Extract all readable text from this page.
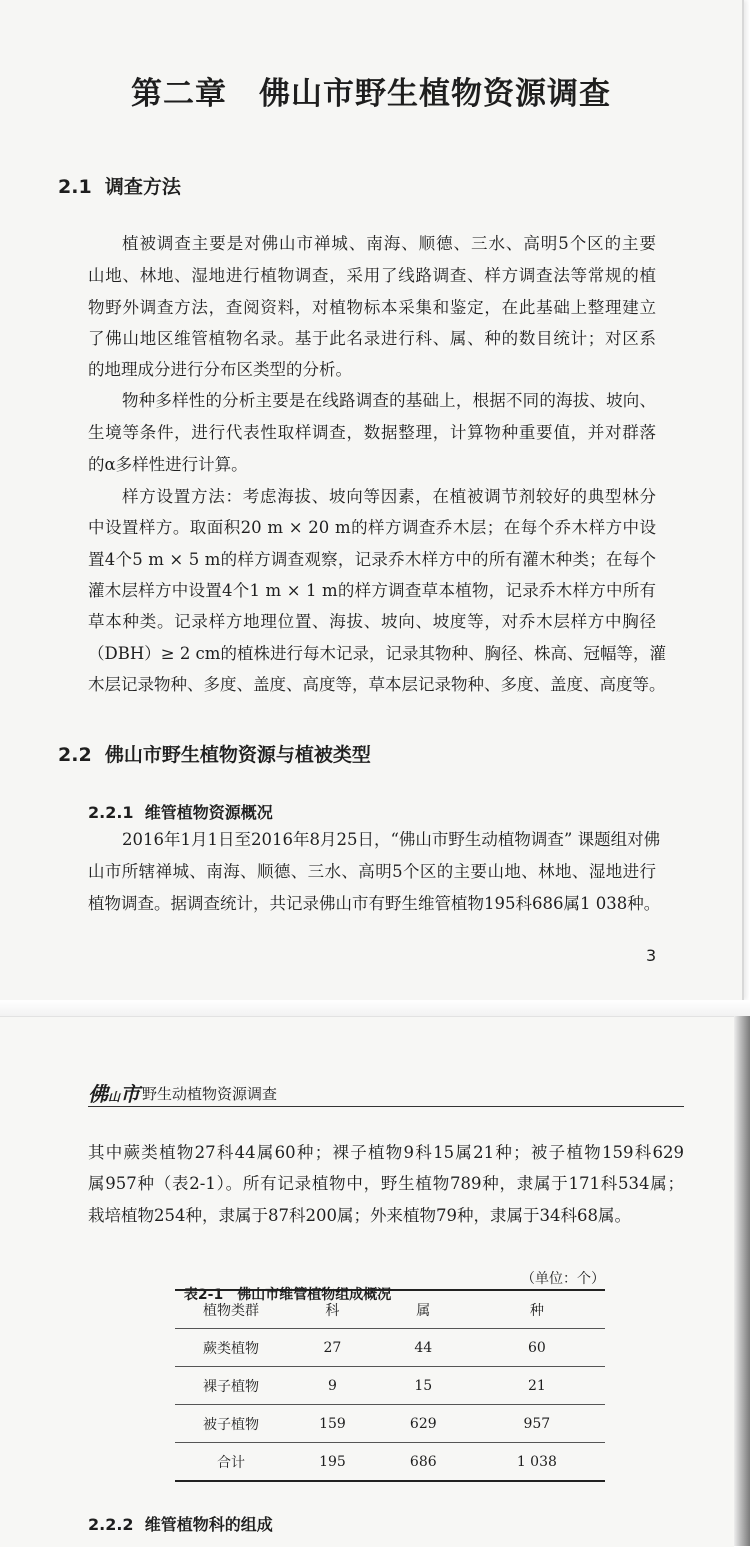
第二章　佛山市野生植物资源调查
2.1  调查方法
植被调查主要是对佛山市禅城、南海、顺德、三水、高明5个区的主要
山地、林地、湿地进行植物调查，采用了线路调查、样方调查法等常规的植
物野外调查方法，查阅资料，对植物标本采集和鉴定，在此基础上整理建立
了佛山地区维管植物名录。基于此名录进行科、属、种的数目统计；对区系
的地理成分进行分布区类型的分析。
物种多样性的分析主要是在线路调查的基础上，根据不同的海拔、坡向、
生境等条件，进行代表性取样调查，数据整理，计算物种重要值，并对群落
的α多样性进行计算。
样方设置方法：考虑海拔、坡向等因素，在植被调节剂较好的典型林分
中设置样方。取面积20 m × 20 m的样方调查乔木层；在每个乔木样方中设
置4个5 m × 5 m的样方调查观察，记录乔木样方中的所有灌木种类；在每个
灌木层样方中设置4个1 m × 1 m的样方调查草本植物，记录乔木样方中所有
草本种类。记录样方地理位置、海拔、坡向、坡度等，对乔木层样方中胸径
（DBH）≥ 2 cm的植株进行每木记录，记录其物种、胸径、株高、冠幅等，灌
木层记录物种、多度、盖度、高度等，草本层记录物种、多度、盖度、高度等。
2.2  佛山市野生植物资源与植被类型
2.2.1  维管植物资源概况
2016年1月1日至2016年8月25日，“佛山市野生动植物调查” 课题组对佛
山市所辖禅城、南海、顺德、三水、高明5个区的主要山地、林地、湿地进行
植物调查。据调查统计，共记录佛山市有野生维管植物195科686属1 038种。
3
佛山市 野生动植物资源调查
其中蕨类植物27科44属60种；裸子植物9科15属21种；被子植物159科629
属957种（表2-1）。所有记录植物中，野生植物789种，隶属于171科534属；
栽培植物254种，隶属于87科200属；外来植物79种，隶属于34科68属。

表2-1　佛山市维管植物组成概况

（单位：个）

植物类群	科	属	种
蕨类植物	27	44	60
裸子植物	9	15	21
被子植物	159	629	957
合计	195	686	1 038
2.2.2  维管植物科的组成
